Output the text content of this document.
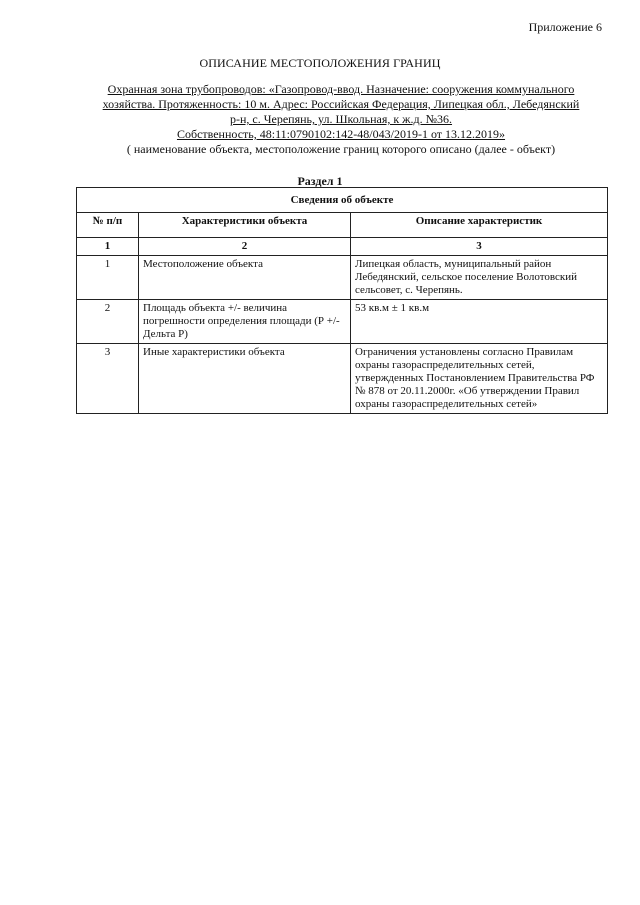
Приложение 6
ОПИСАНИЕ МЕСТОПОЛОЖЕНИЯ ГРАНИЦ
Охранная зона трубопроводов: «Газопровод-ввод. Назначение: сооружения коммунального
хозяйства. Протяженность: 10 м. Адрес: Российская Федерация, Липецкая обл., Лебедянский
р-н, с. Черепянь, ул. Школьная, к ж.д. №36.
Собственность, 48:11:0790102:142-48/043/2019-1 от 13.12.2019»
( наименование объекта, местоположение границ которого описано (далее - объект)
Раздел 1
Сведения об объекте		
№ п/п	Характеристики объекта	Описание характеристик
1	2	3
1	Местоположение объекта	Липецкая область, муниципальный район Лебедянский, сельское поселение Волотовский сельсовет, с. Черепянь.
2	Площадь объекта +/- величина погрешности определения площади (Р +/- Дельта Р)	53 кв.м ± 1 кв.м
3	Иные характеристики объекта	Ограничения установлены согласно Правилам охраны газораспределительных сетей, утвержденных Постановлением Правительства РФ № 878 от 20.11.2000г. «Об утверждении Правил охраны газораспределительных сетей»
